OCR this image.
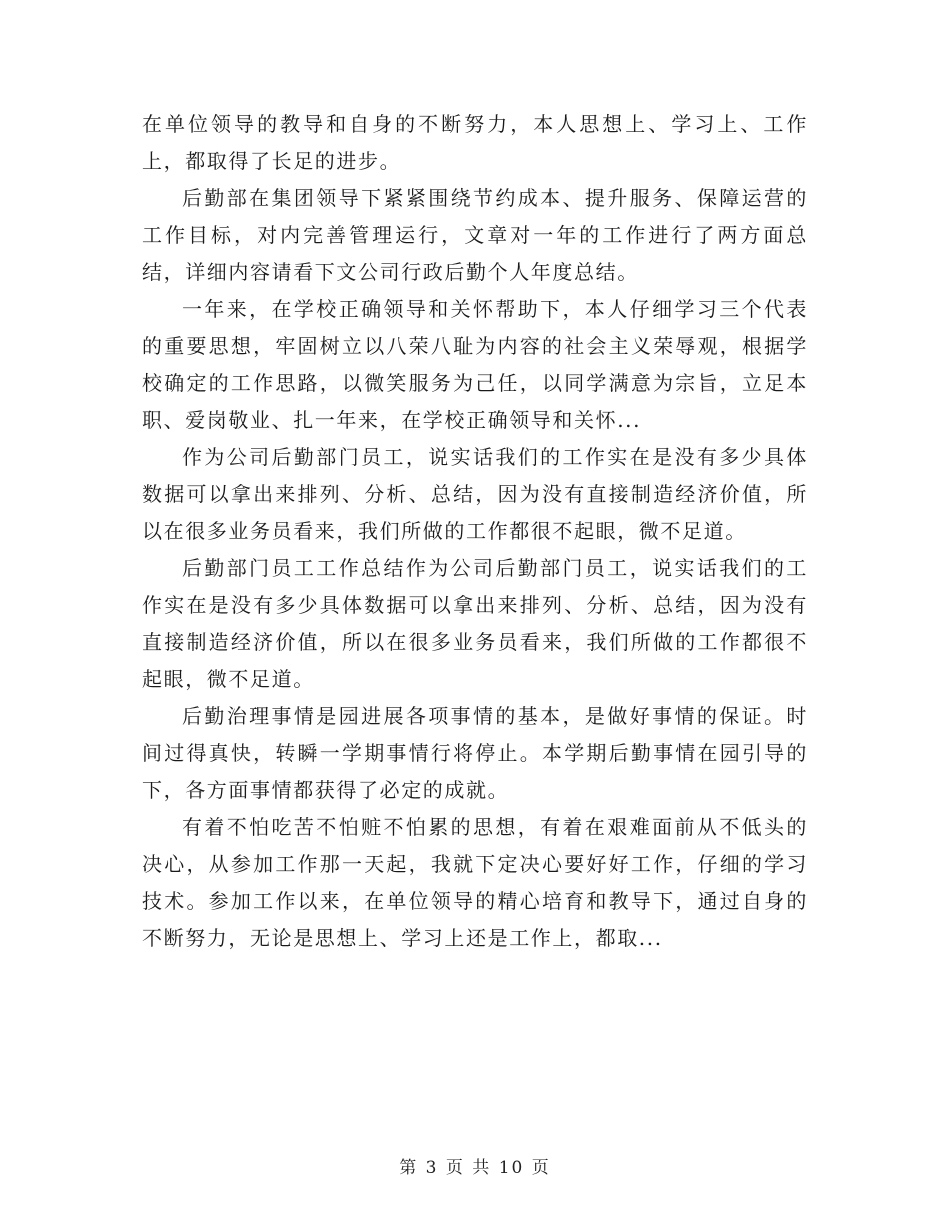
在单位领导的教导和自身的不断努力，本人思想上、学习上、工作上，都取得了长足的进步。

后勤部在集团领导下紧紧围绕节约成本、提升服务、保障运营的工作目标，对内完善管理运行，文章对一年的工作进行了两方面总结，详细内容请看下文公司行政后勤个人年度总结。

一年来，在学校正确领导和关怀帮助下，本人仔细学习三个代表的重要思想，牢固树立以八荣八耻为内容的社会主义荣辱观，根据学校确定的工作思路，以微笑服务为己任，以同学满意为宗旨，立足本职、爱岗敬业、扎一年来，在学校正确领导和关怀...

作为公司后勤部门员工，说实话我们的工作实在是没有多少具体数据可以拿出来排列、分析、总结，因为没有直接制造经济价值，所以在很多业务员看来，我们所做的工作都很不起眼，微不足道。

后勤部门员工工作总结作为公司后勤部门员工，说实话我们的工作实在是没有多少具体数据可以拿出来排列、分析、总结，因为没有直接制造经济价值，所以在很多业务员看来，我们所做的工作都很不起眼，微不足道。

后勤治理事情是园进展各项事情的基本，是做好事情的保证。时间过得真快，转瞬一学期事情行将停止。本学期后勤事情在园引导的下，各方面事情都获得了必定的成就。

有着不怕吃苦不怕赃不怕累的思想，有着在艰难面前从不低头的决心，从参加工作那一天起，我就下定决心要好好工作，仔细的学习技术。参加工作以来，在单位领导的精心培育和教导下，通过自身的不断努力，无论是思想上、学习上还是工作上，都取...

第 3 页 共 10 页
